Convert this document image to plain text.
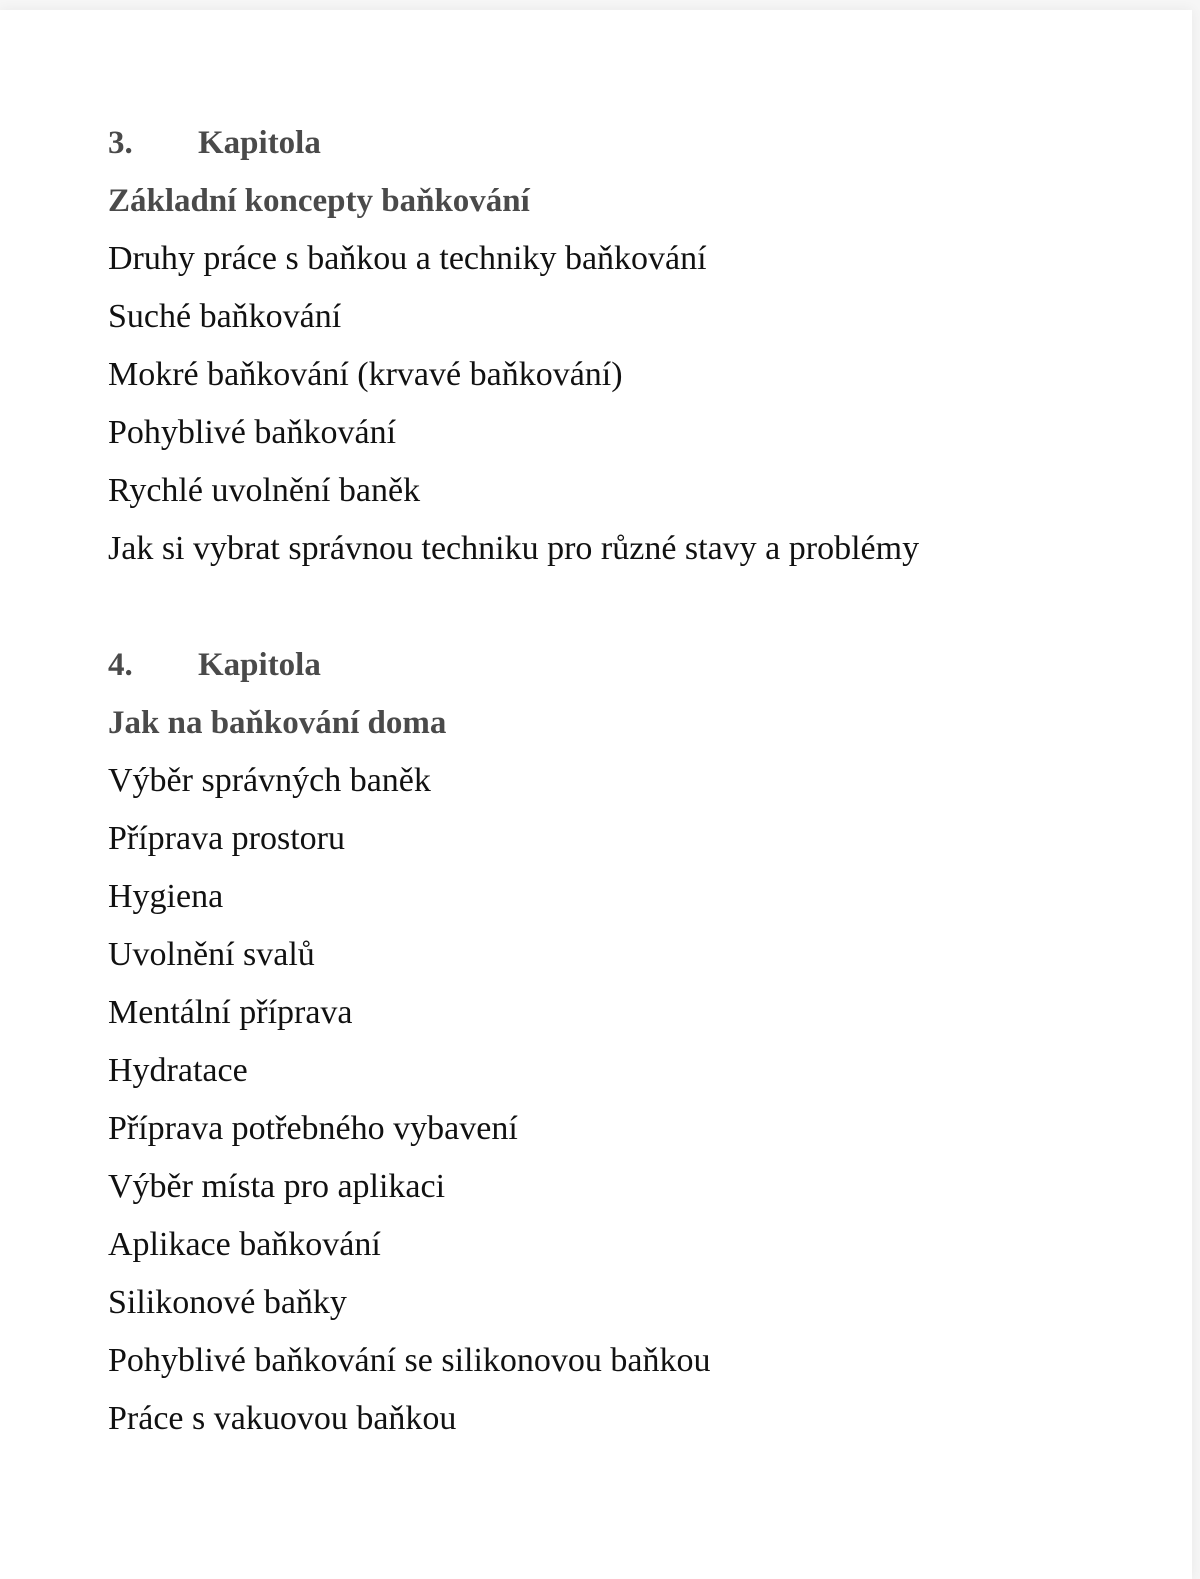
3.	Kapitola
Základní koncepty baňkování
Druhy práce s baňkou a techniky baňkování
Suché baňkování
Mokré baňkování (krvavé baňkování)
Pohyblivé baňkování
Rychlé uvolnění baněk
Jak si vybrat správnou techniku pro různé stavy a problémy
4.	Kapitola
Jak na baňkování doma
Výběr správných baněk
Příprava prostoru
Hygiena
Uvolnění svalů
Mentální příprava
Hydratace
Příprava potřebného vybavení
Výběr místa pro aplikaci
Aplikace baňkování
Silikonové baňky
Pohyblivé baňkování se silikonovou baňkou
Práce s vakuovou baňkou
